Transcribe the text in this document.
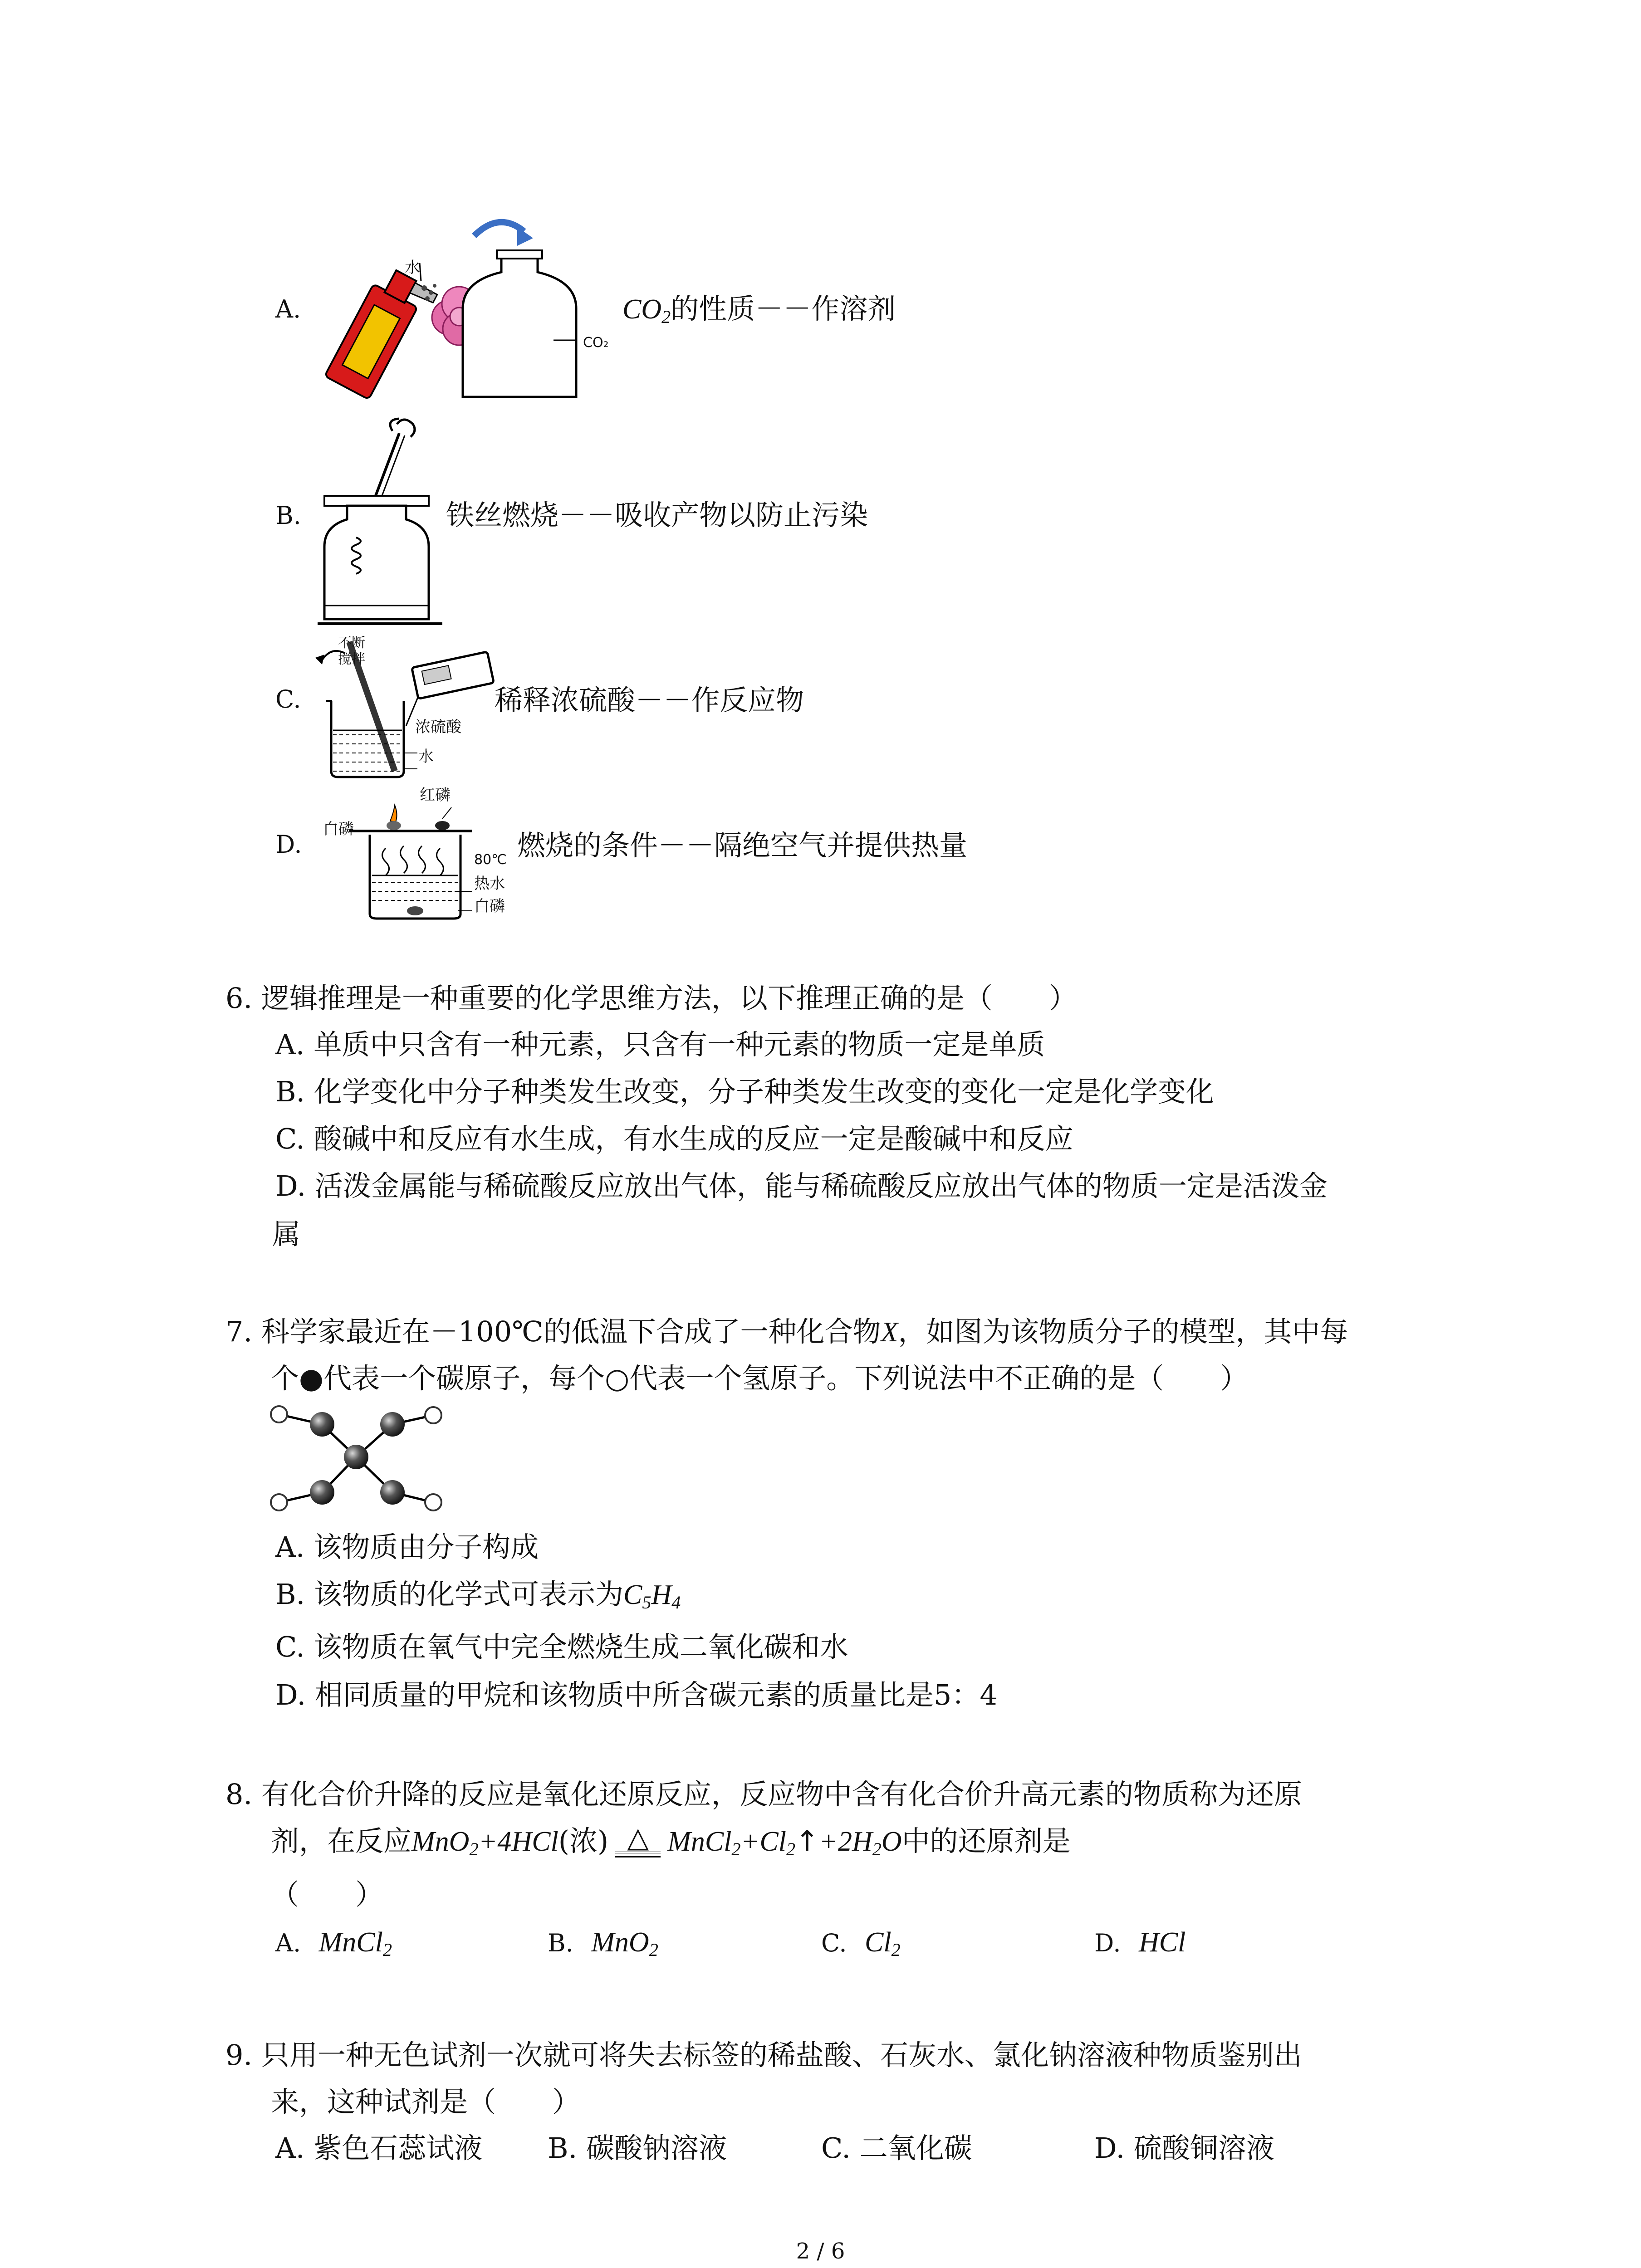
A.
水
CO₂
$CO_2$的性质－－作溶剂
B.	铁丝燃烧－－吸收产物以防止污染
C.
不断
搅拌
浓硫酸
水
稀释浓硫酸－－作反应物
D.
红磷
白磷
80℃
热水
白磷
燃烧的条件－－隔绝空气并提供热量
6. 逻辑推理是一种重要的化学思维方法，以下推理正确的是（　　）
A. 单质中只含有一种元素，只含有一种元素的物质一定是单质
B. 化学变化中分子种类发生改变，分子种类发生改变的变化一定是化学变化
C. 酸碱中和反应有水生成，有水生成的反应一定是酸碱中和反应
D. 活泼金属能与稀硫酸反应放出气体，能与稀硫酸反应放出气体的物质一定是活泼金
属
7. 科学家最近在－100℃的低温下合成了一种化合物X，如图为该物质分子的模型，其中每
个●代表一个碳原子，每个○代表一个氢原子。下列说法中不正确的是（　　）
A. 该物质由分子构成
B. 该物质的化学式可表示为$C_5H_4$
C. 该物质在氧气中完全燃烧生成二氧化碳和水
D. 相同质量的甲烷和该物质中所含碳元素的质量比是5：4
8. 有化合价升降的反应是氧化还原反应，反应物中含有化合价升高元素的物质称为还原
剂，在反应MnO$_2$+4HCl(浓) △ $MnCl_2+Cl_2↑+2H_2O$中的还原剂是
（　　）
A. MnCl$_2$	B. MnO$_2$	C. $Cl_2$	D. HCl
9. 只用一种无色试剂一次就可将失去标签的稀盐酸、石灰水、氯化钠溶液种物质鉴别出
来，这种试剂是（　　）
A. 紫色石蕊试液 B. 碳酸钠溶液	C. 二氧化碳	D. 硫酸铜溶液
2 / 6
